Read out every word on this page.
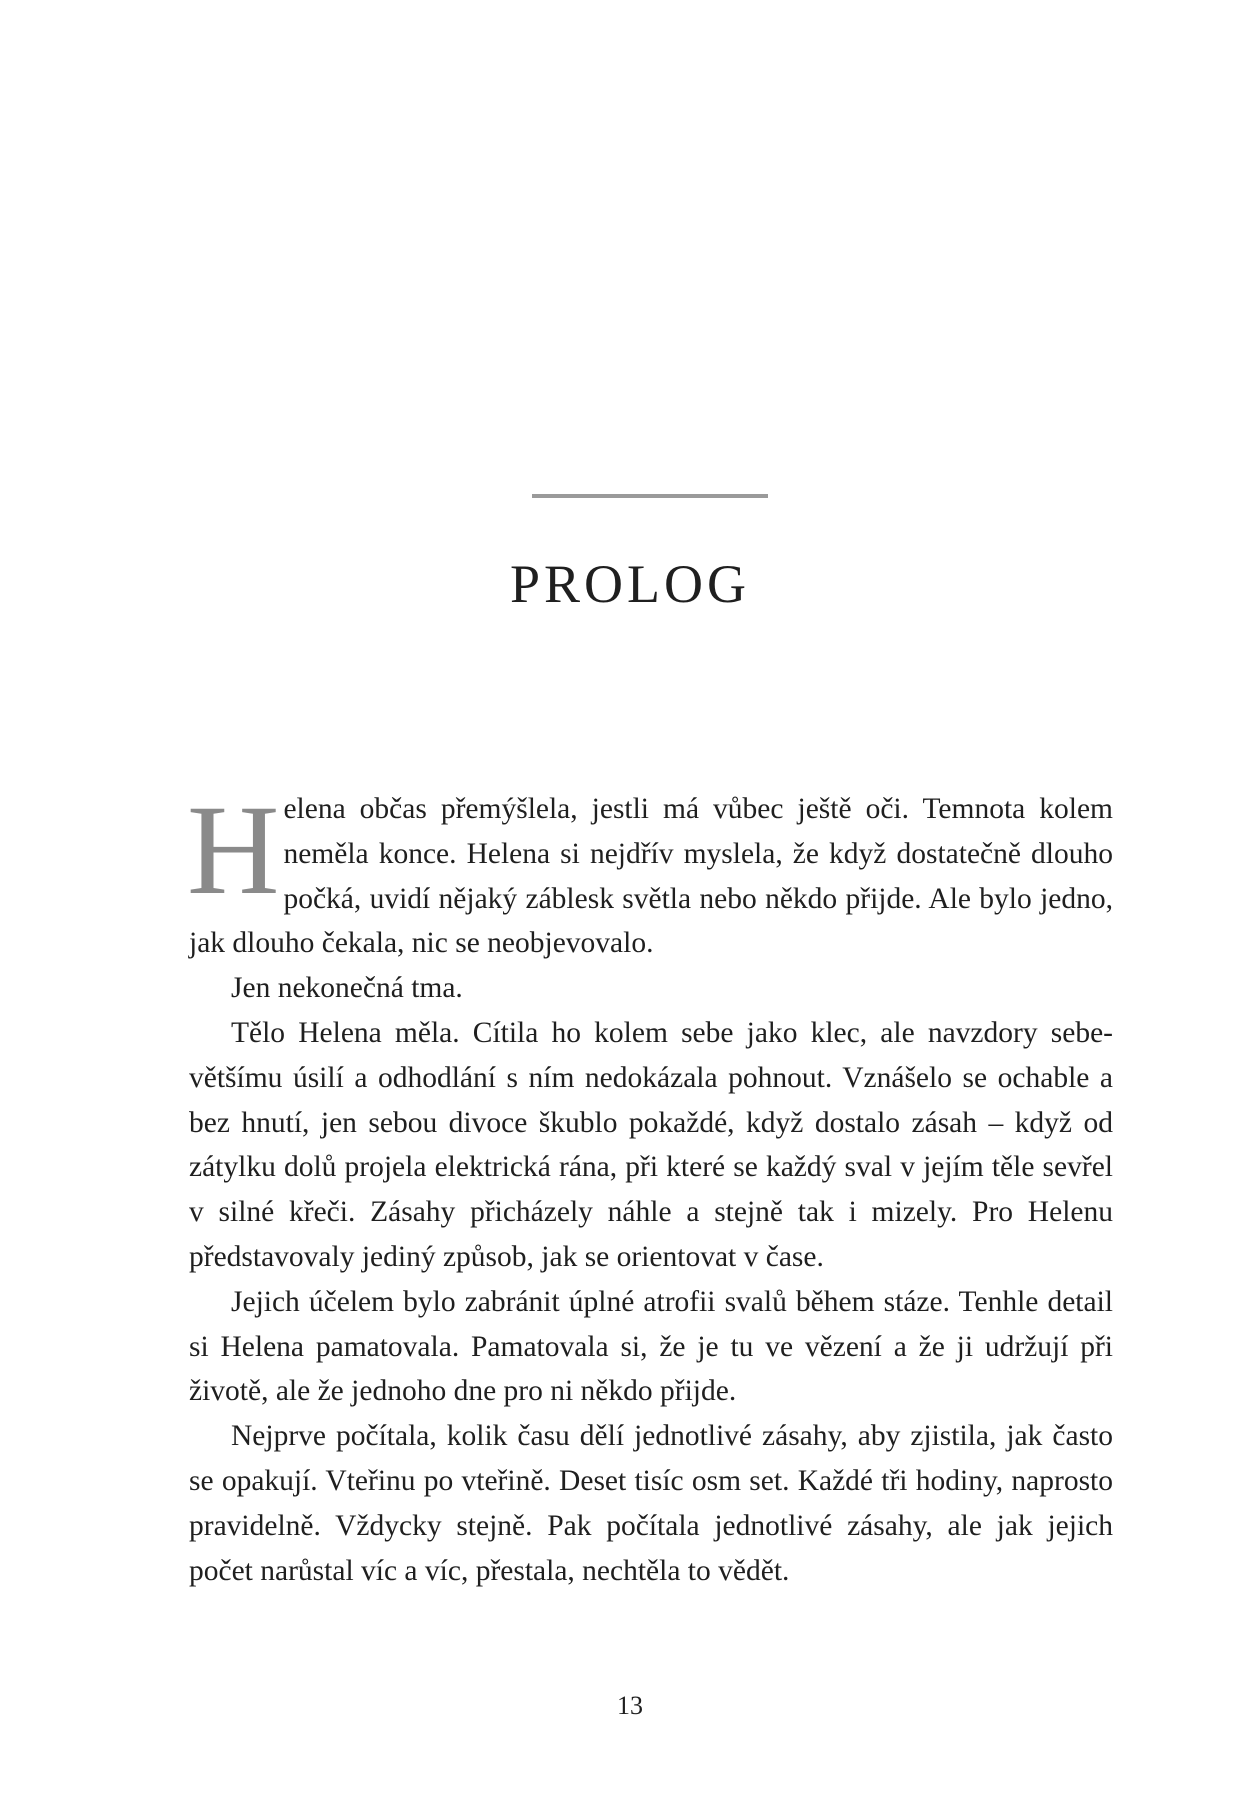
PROLOG

Helena občas přemýšlela, jestli má vůbec ještě oči. Temnota kolem neměla konce. Helena si nejdřív myslela, že když dostatečně dlouho počká, uvidí nějaký záblesk světla nebo někdo přijde. Ale bylo jedno, jak dlouho čekala, nic se neobjevovalo.

Jen nekonečná tma.

Tělo Helena měla. Cítila ho kolem sebe jako klec, ale navzdory sebevětšímu úsilí a odhodlání s ním nedokázala pohnout. Vznášelo se ochable a bez hnutí, jen sebou divoce škublo pokaždé, když dostalo zásah – když od zátylku dolů projela elektrická rána, při které se každý sval v jejím těle sevřel v silné křeči. Zásahy přicházely náhle a stejně tak i mizely. Pro Helenu představovaly jediný způsob, jak se orientovat v čase.

Jejich účelem bylo zabránit úplné atrofii svalů během stáze. Tenhle detail si Helena pamatovala. Pamatovala si, že je tu ve vězení a že ji udržují při životě, ale že jednoho dne pro ni někdo přijde.

Nejprve počítala, kolik času dělí jednotlivé zásahy, aby zjistila, jak často se opakují. Vteřinu po vteřině. Deset tisíc osm set. Každé tři hodiny, naprosto pravidelně. Vždycky stejně. Pak počítala jednotlivé zásahy, ale jak jejich počet narůstal víc a víc, přestala, nechtěla to vědět.

13
